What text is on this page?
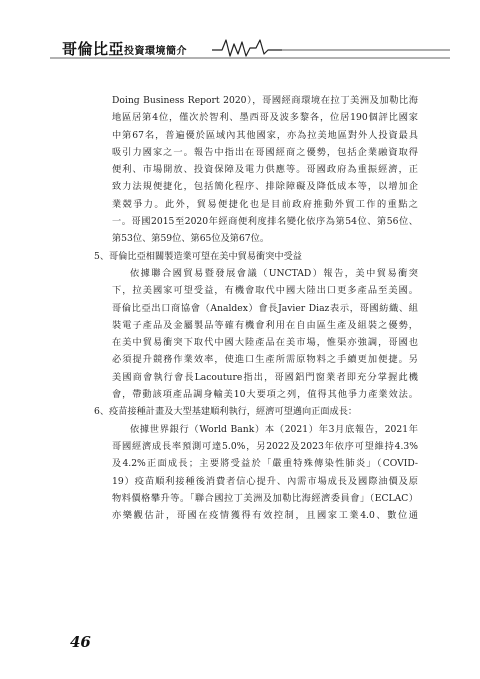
哥倫比亞投資環境簡介
Doing Business Report 2020），哥國經商環境在拉丁美洲及加勒比海
地區居第4位，僅次於智利、墨西哥及波多黎各，位居190個評比國家
中第67名，普遍優於區域內其他國家，亦為拉美地區對外人投資最具
吸引力國家之一。報告中指出在哥國經商之優勢，包括企業融資取得
便利、市場開放、投資保障及電力供應等。哥國政府為重振經濟，正
致力法規便捷化，包括簡化程序、排除障礙及降低成本等，以增加企
業競爭力。此外，貿易便捷化也是目前政府推動外貿工作的重點之
一。哥國2015至2020年經商便利度排名變化依序為第54位、第56位、
第53位、第59位、第65位及第67位。
5、哥倫比亞相關製造業可望在美中貿易衝突中受益
依據聯合國貿易暨發展會議（UNCTAD）報告，美中貿易衝突
下，拉美國家可望受益，有機會取代中國大陸出口更多產品至美國。
哥倫比亞出口商協會（Analdex）會長Javier Diaz表示，哥國紡織、組
裝電子產品及金屬製品等確有機會利用在自由區生產及組裝之優勢，
在美中貿易衝突下取代中國大陸產品在美市場，惟渠亦強調，哥國也
必須提升競務作業效率，使進口生產所需原物料之手續更加便捷。另
美國商會執行會長Lacouture指出，哥國鋁門窗業者即充分掌握此機
會，帶動該項產品調身輸美10大要項之列，值得其他爭力產業效法。
6、疫苗接種計畫及大型基建順利執行，經濟可望邁向正面成長：
依據世界銀行（World Bank）本（2021）年3月底報告，2021年
哥國經濟成長率預測可達5.0%，另2022及2023年依序可望維持4.3%
及4.2%正面成長；主要將受益於「嚴重特殊傳染性肺炎」（COVID-
19）疫苗順利接種後消費者信心提升、內需市場成長及國際油價及原
物料價格攀升等。「聯合國拉丁美洲及加勒比海經濟委員會」（ECLAC）
亦樂觀估計，哥國在疫情獲得有效控制，且國家工業4.0、數位通
46
